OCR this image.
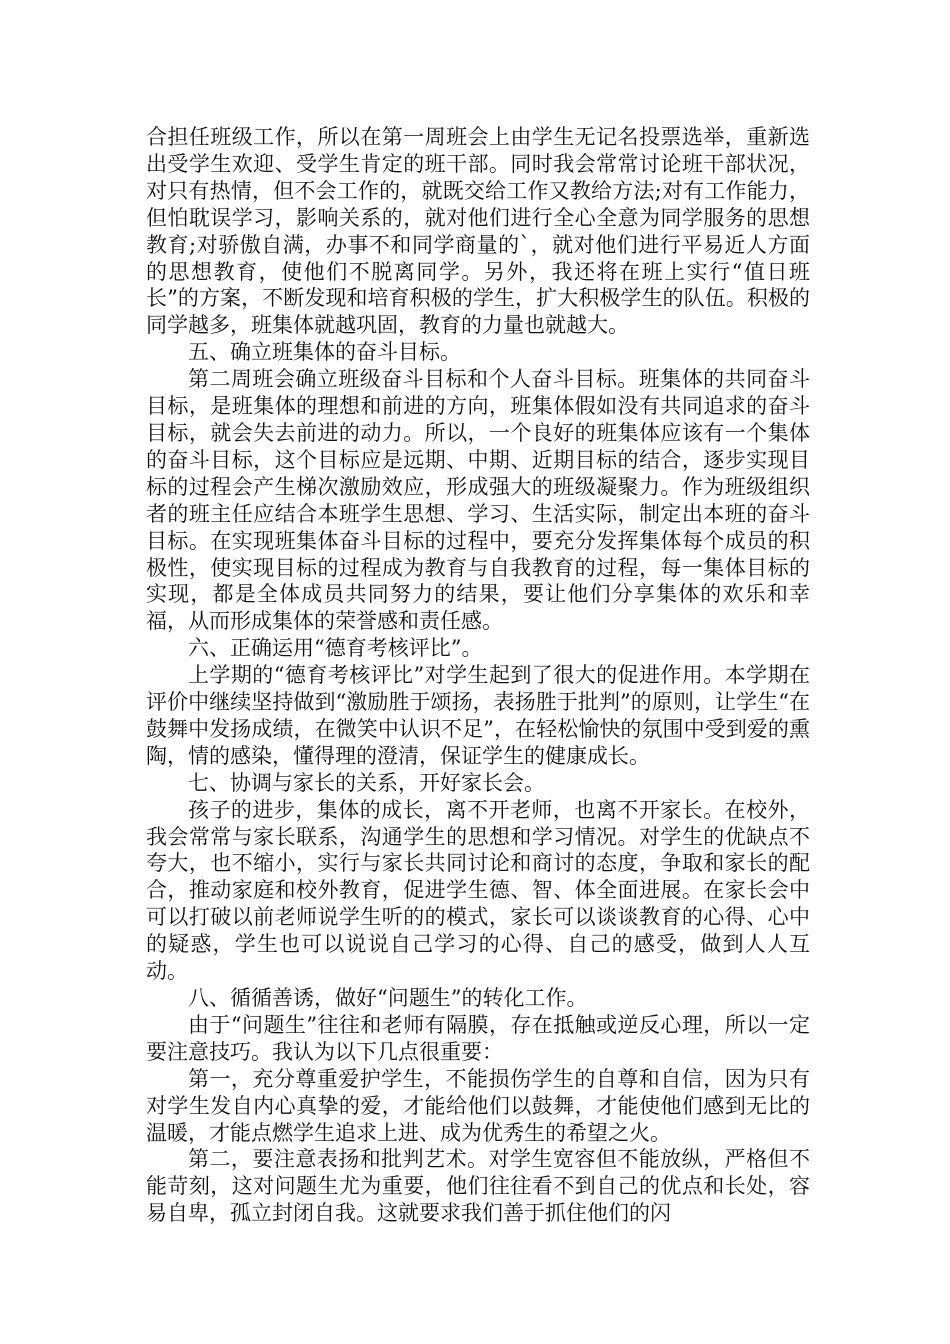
合担任班级工作，所以在第一周班会上由学生无记名投票选举，重新选出受学生欢迎、受学生肯定的班干部。同时我会常常讨论班干部状况，对只有热情，但不会工作的，就既交给工作又教给方法;对有工作能力，但怕耽误学习，影响关系的，就对他们进行全心全意为同学服务的思想教育;对骄傲自满，办事不和同学商量的`，就对他们进行平易近人方面的思想教育，使他们不脱离同学。另外，我还将在班上实行“值日班长”的方案，不断发现和培育积极的学生，扩大积极学生的队伍。积极的同学越多，班集体就越巩固，教育的力量也就越大。

五、确立班集体的奋斗目标。

第二周班会确立班级奋斗目标和个人奋斗目标。班集体的共同奋斗目标，是班集体的理想和前进的方向，班集体假如没有共同追求的奋斗目标，就会失去前进的动力。所以，一个良好的班集体应该有一个集体的奋斗目标，这个目标应是远期、中期、近期目标的结合，逐步实现目标的过程会产生梯次激励效应，形成强大的班级凝聚力。作为班级组织者的班主任应结合本班学生思想、学习、生活实际，制定出本班的奋斗目标。在实现班集体奋斗目标的过程中，要充分发挥集体每个成员的积极性，使实现目标的过程成为教育与自我教育的过程，每一集体目标的实现，都是全体成员共同努力的结果，要让他们分享集体的欢乐和幸福，从而形成集体的荣誉感和责任感。

六、正确运用“德育考核评比”。

上学期的“德育考核评比”对学生起到了很大的促进作用。本学期在评价中继续坚持做到“激励胜于颂扬，表扬胜于批判”的原则，让学生“在鼓舞中发扬成绩，在微笑中认识不足”，在轻松愉快的氛围中受到爱的熏陶，情的感染，懂得理的澄清，保证学生的健康成长。

七、协调与家长的关系，开好家长会。

孩子的进步，集体的成长，离不开老师，也离不开家长。在校外，我会常常与家长联系，沟通学生的思想和学习情况。对学生的优缺点不夸大，也不缩小，实行与家长共同讨论和商讨的态度，争取和家长的配合，推动家庭和校外教育，促进学生德、智、体全面进展。在家长会中可以打破以前老师说学生听的的模式，家长可以谈谈教育的心得、心中的疑惑，学生也可以说说自己学习的心得、自己的感受，做到人人互动。

八、循循善诱，做好“问题生”的转化工作。

由于“问题生”往往和老师有隔膜，存在抵触或逆反心理，所以一定要注意技巧。我认为以下几点很重要：

第一，充分尊重爱护学生，不能损伤学生的自尊和自信，因为只有对学生发自内心真挚的爱，才能给他们以鼓舞，才能使他们感到无比的温暖，才能点燃学生追求上进、成为优秀生的希望之火。

第二，要注意表扬和批判艺术。对学生宽容但不能放纵，严格但不能苛刻，这对问题生尤为重要，他们往往看不到自己的优点和长处，容易自卑，孤立封闭自我。这就要求我们善于抓住他们的闪
